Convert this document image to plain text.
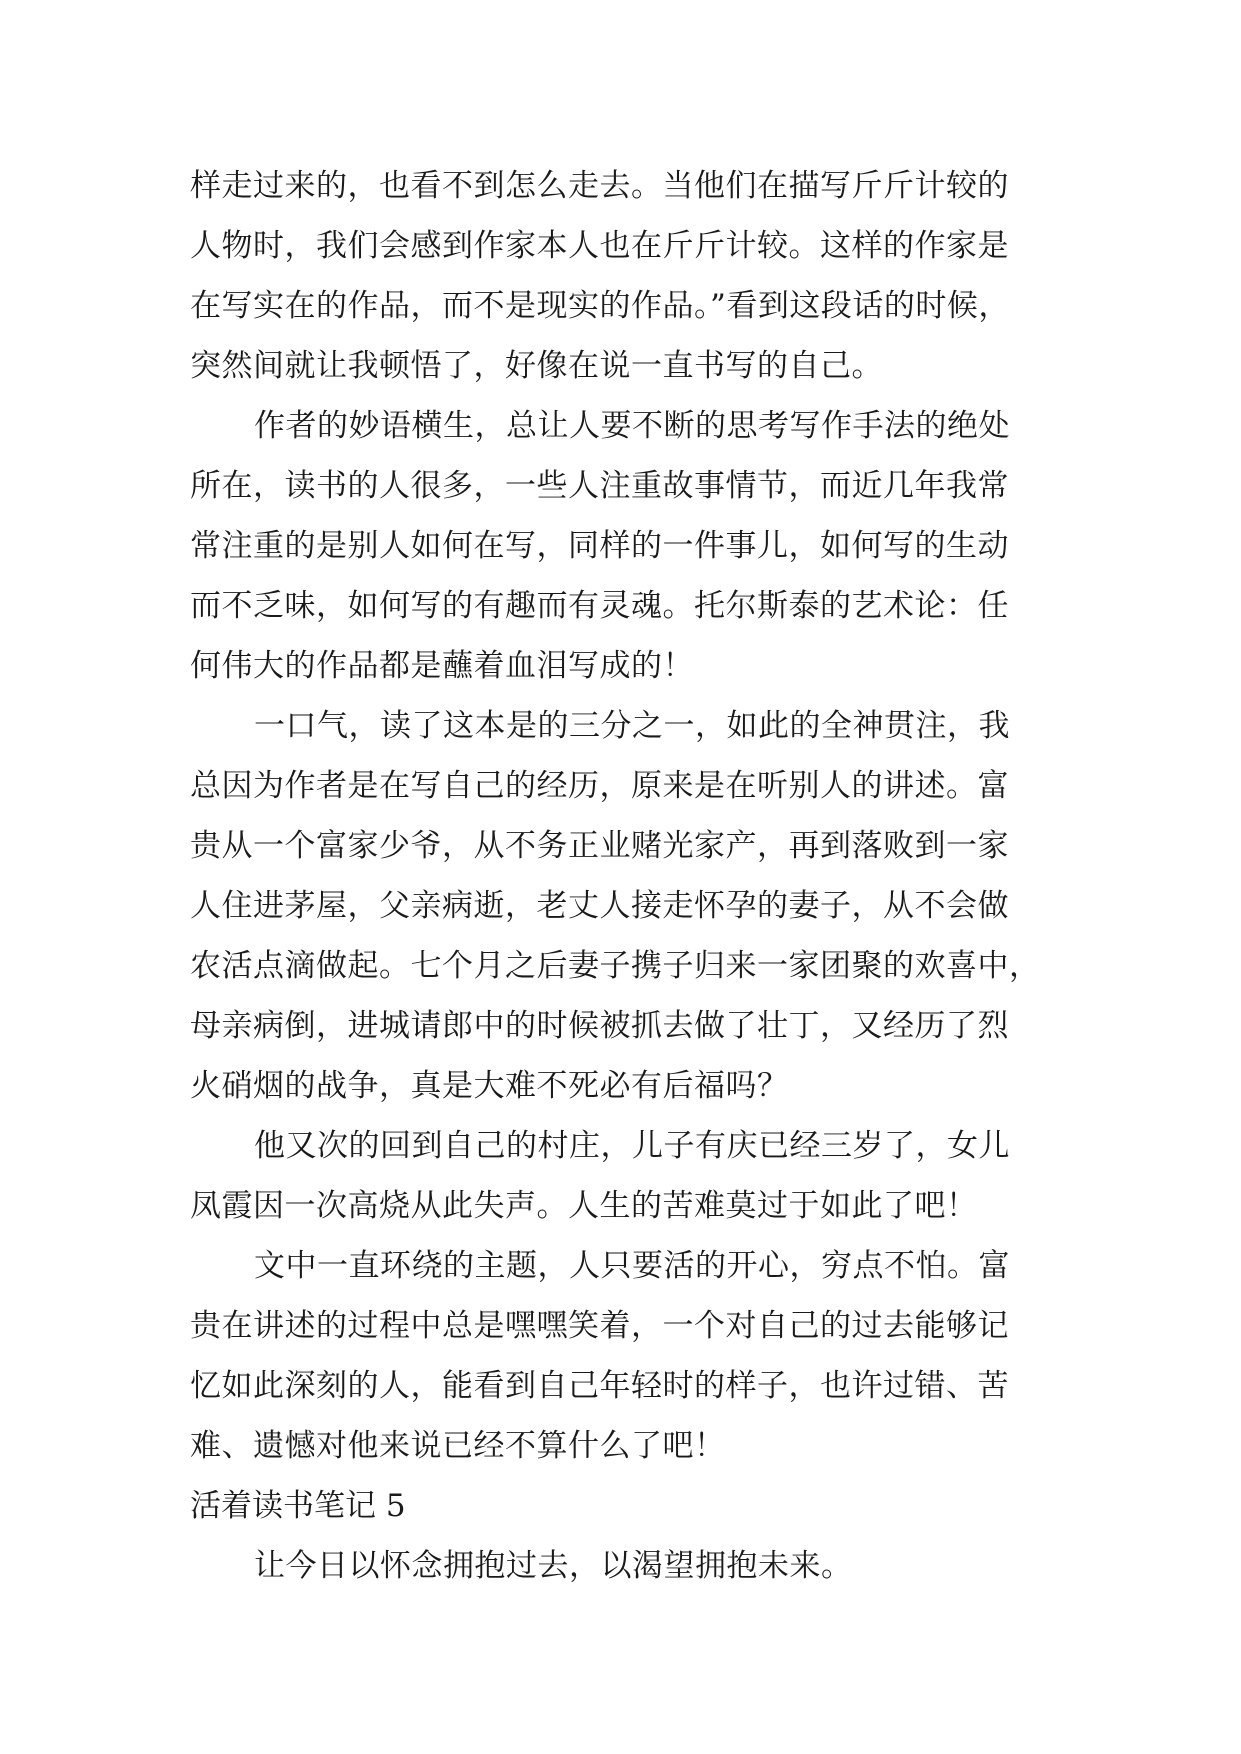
样走过来的，也看不到怎么走去。当他们在描写斤斤计较的
人物时，我们会感到作家本人也在斤斤计较。这样的作家是
在写实在的作品，而不是现实的作品。”看到这段话的时候，
突然间就让我顿悟了，好像在说一直书写的自己。
作者的妙语横生，总让人要不断的思考写作手法的绝处
所在，读书的人很多，一些人注重故事情节，而近几年我常
常注重的是别人如何在写，同样的一件事儿，如何写的生动
而不乏味，如何写的有趣而有灵魂。托尔斯泰的艺术论：任
何伟大的作品都是蘸着血泪写成的！
一口气，读了这本是的三分之一，如此的全神贯注，我
总因为作者是在写自己的经历，原来是在听别人的讲述。富
贵从一个富家少爷，从不务正业赌光家产，再到落败到一家
人住进茅屋，父亲病逝，老丈人接走怀孕的妻子，从不会做
农活点滴做起。七个月之后妻子携子归来一家团聚的欢喜中，
母亲病倒，进城请郎中的时候被抓去做了壮丁，又经历了烈
火硝烟的战争，真是大难不死必有后福吗？
他又次的回到自己的村庄，儿子有庆已经三岁了，女儿
凤霞因一次高烧从此失声。人生的苦难莫过于如此了吧！
文中一直环绕的主题，人只要活的开心，穷点不怕。富
贵在讲述的过程中总是嘿嘿笑着，一个对自己的过去能够记
忆如此深刻的人，能看到自己年轻时的样子，也许过错、苦
难、遗憾对他来说已经不算什么了吧！
活着读书笔记 5
让今日以怀念拥抱过去，以渴望拥抱未来。
